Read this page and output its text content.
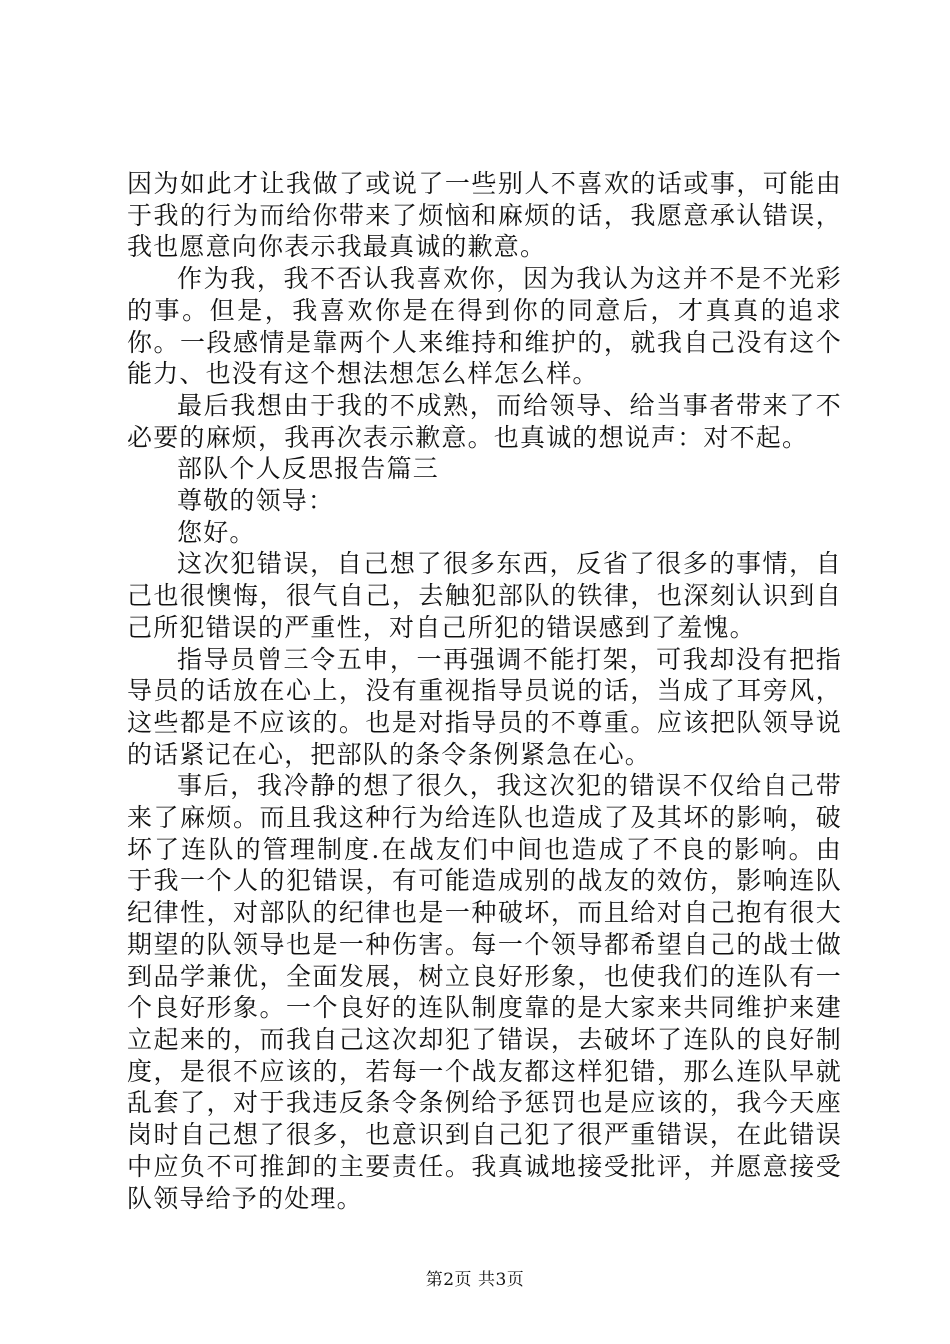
因为如此才让我做了或说了一些别人不喜欢的话或事，可能由于我的行为而给你带来了烦恼和麻烦的话，我愿意承认错误，我也愿意向你表示我最真诚的歉意。

作为我，我不否认我喜欢你，因为我认为这并不是不光彩的事。但是，我喜欢你是在得到你的同意后，才真真的追求你。一段感情是靠两个人来维持和维护的，就我自己没有这个能力、也没有这个想法想怎么样怎么样。

最后我想由于我的不成熟，而给领导、给当事者带来了不必要的麻烦，我再次表示歉意。也真诚的想说声：对不起。

部队个人反思报告篇三

尊敬的领导：

您好。

这次犯错误，自己想了很多东西，反省了很多的事情，自己也很懊悔，很气自己，去触犯部队的铁律，也深刻认识到自己所犯错误的严重性，对自己所犯的错误感到了羞愧。

指导员曾三令五申，一再强调不能打架，可我却没有把指导员的话放在心上，没有重视指导员说的话，当成了耳旁风，这些都是不应该的。也是对指导员的不尊重。应该把队领导说的话紧记在心，把部队的条令条例紧急在心。

事后，我冷静的想了很久，我这次犯的错误不仅给自己带来了麻烦。而且我这种行为给连队也造成了及其坏的影响，破坏了连队的管理制度.在战友们中间也造成了不良的影响。由于我一个人的犯错误，有可能造成别的战友的效仿，影响连队纪律性，对部队的纪律也是一种破坏，而且给对自己抱有很大期望的队领导也是一种伤害。每一个领导都希望自己的战士做到品学兼优，全面发展，树立良好形象，也使我们的连队有一个良好形象。一个良好的连队制度靠的是大家来共同维护来建立起来的，而我自己这次却犯了错误，去破坏了连队的良好制度，是很不应该的，若每一个战友都这样犯错，那么连队早就乱套了，对于我违反条令条例给予惩罚也是应该的，我今天座岗时自己想了很多，也意识到自己犯了很严重错误，在此错误中应负不可推卸的主要责任。我真诚地接受批评，并愿意接受队领导给予的处理。

第2页 共3页
